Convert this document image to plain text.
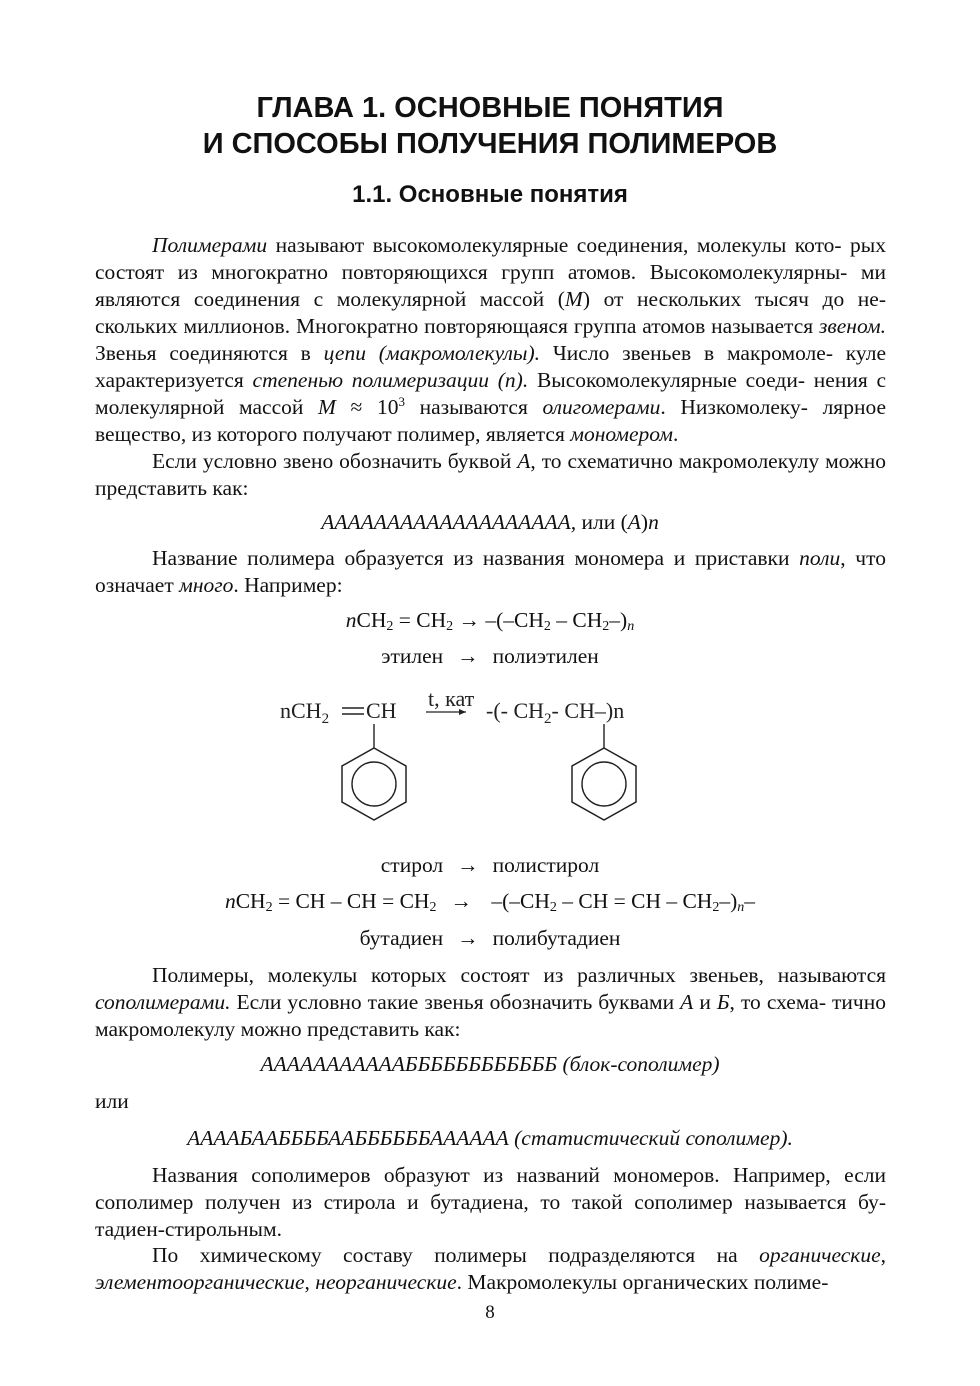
ГЛАВА 1. ОСНОВНЫЕ ПОНЯТИЯ
И СПОСОБЫ ПОЛУЧЕНИЯ ПОЛИМЕРОВ
1.1. Основные понятия
Полимерами называют высокомолекулярные соединения, молекулы кото- рых состоят из многократно повторяющихся групп атомов. Высокомолекулярны- ми являются соединения с молекулярной массой (M) от нескольких тысяч до не- скольких миллионов. Многократно повторяющаяся группа атомов называется звеном. Звенья соединяются в цепи (макромолекулы). Число звеньев в макромоле- куле характеризуется степенью полимеризации (n). Высокомолекулярные соеди- нения с молекулярной массой $M \approx 10^3$ называются олигомерами. Низкомолеку- лярное вещество, из которого получают полимер, является мономером.
Если условно звено обозначить буквой A, то схематично макромолекулу можно представить как:
ААААААААААААААААААА, или (A)n
Название полимера образуется из названия мономера и приставки поли, что означает много. Например:
$nCH_2 = CH_2 \to -(-CH_2 - CH_2-)_n$
этилен → полиэтилен
nCH$_2$ CH t, кат -(- $CH_2-$ CH–)n
стирол → полистирол
nCH$_2$ = CH – CH = $CH_2 \to -(-CH_2$ – CH = CH – $CH_2-)_n-$
бутадиен → полибутадиен
Полимеры, молекулы которых состоят из различных звеньев, называются сополимерами. Если условно такие звенья обозначить буквами А и Б, то схема- тично макромолекулу можно представить как:
АААААААААААББББББББББББ (блок-сополимер)
или
ААААБААББББААББББББАААААА (статистический сополимер).
Названия сополимеров образуют из названий мономеров. Например, если сополимер получен из стирола и бутадиена, то такой сополимер называется бу- тадиен-стирольным.
По химическому составу полимеры подразделяются на органические, элементоорганические, неорганические. Макромолекулы органических полиме-
8
